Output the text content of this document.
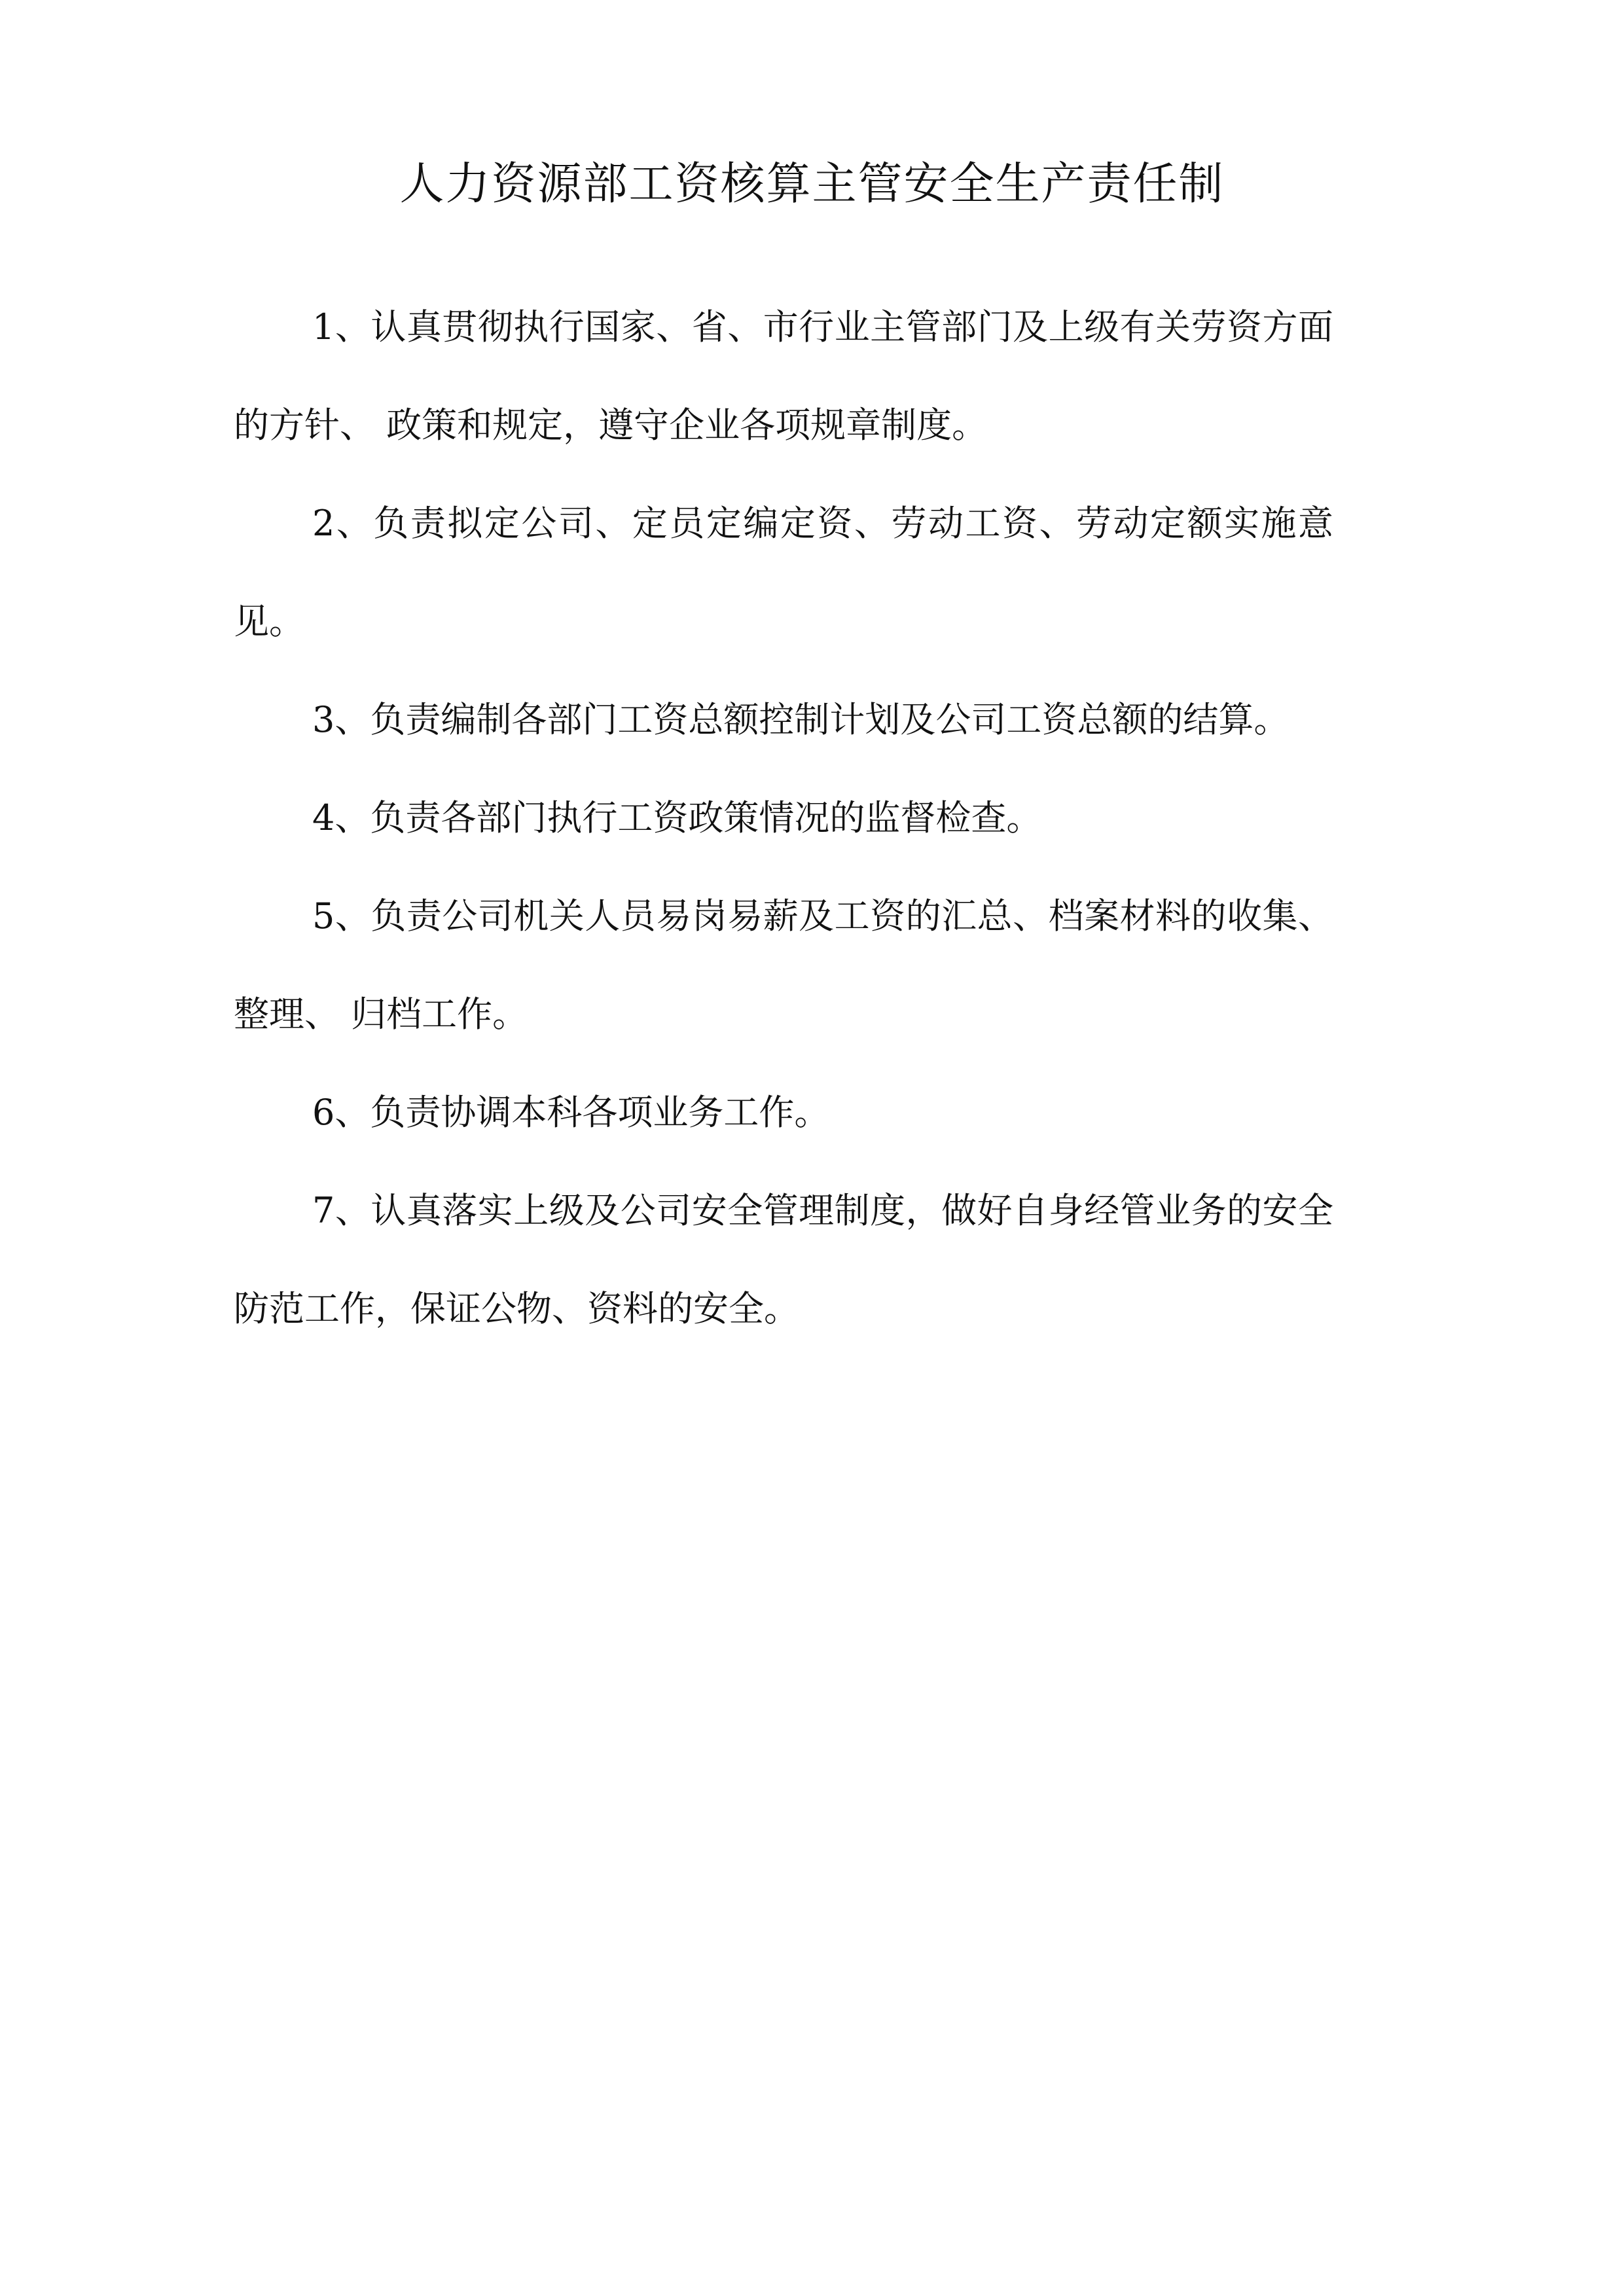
人力资源部工资核算主管安全生产责任制

1、认真贯彻执行国家、省、市行业主管部门及上级有关劳资方面的方针、 政策和规定，遵守企业各项规章制度。

2、负责拟定公司、定员定编定资、劳动工资、劳动定额实施意见。

3、负责编制各部门工资总额控制计划及公司工资总额的结算。

4、负责各部门执行工资政策情况的监督检查。

5、负责公司机关人员易岗易薪及工资的汇总、档案材料的收集、整理、 归档工作。

6、负责协调本科各项业务工作。

7、认真落实上级及公司安全管理制度，做好自身经管业务的安全防范工作，保证公物、资料的安全。
